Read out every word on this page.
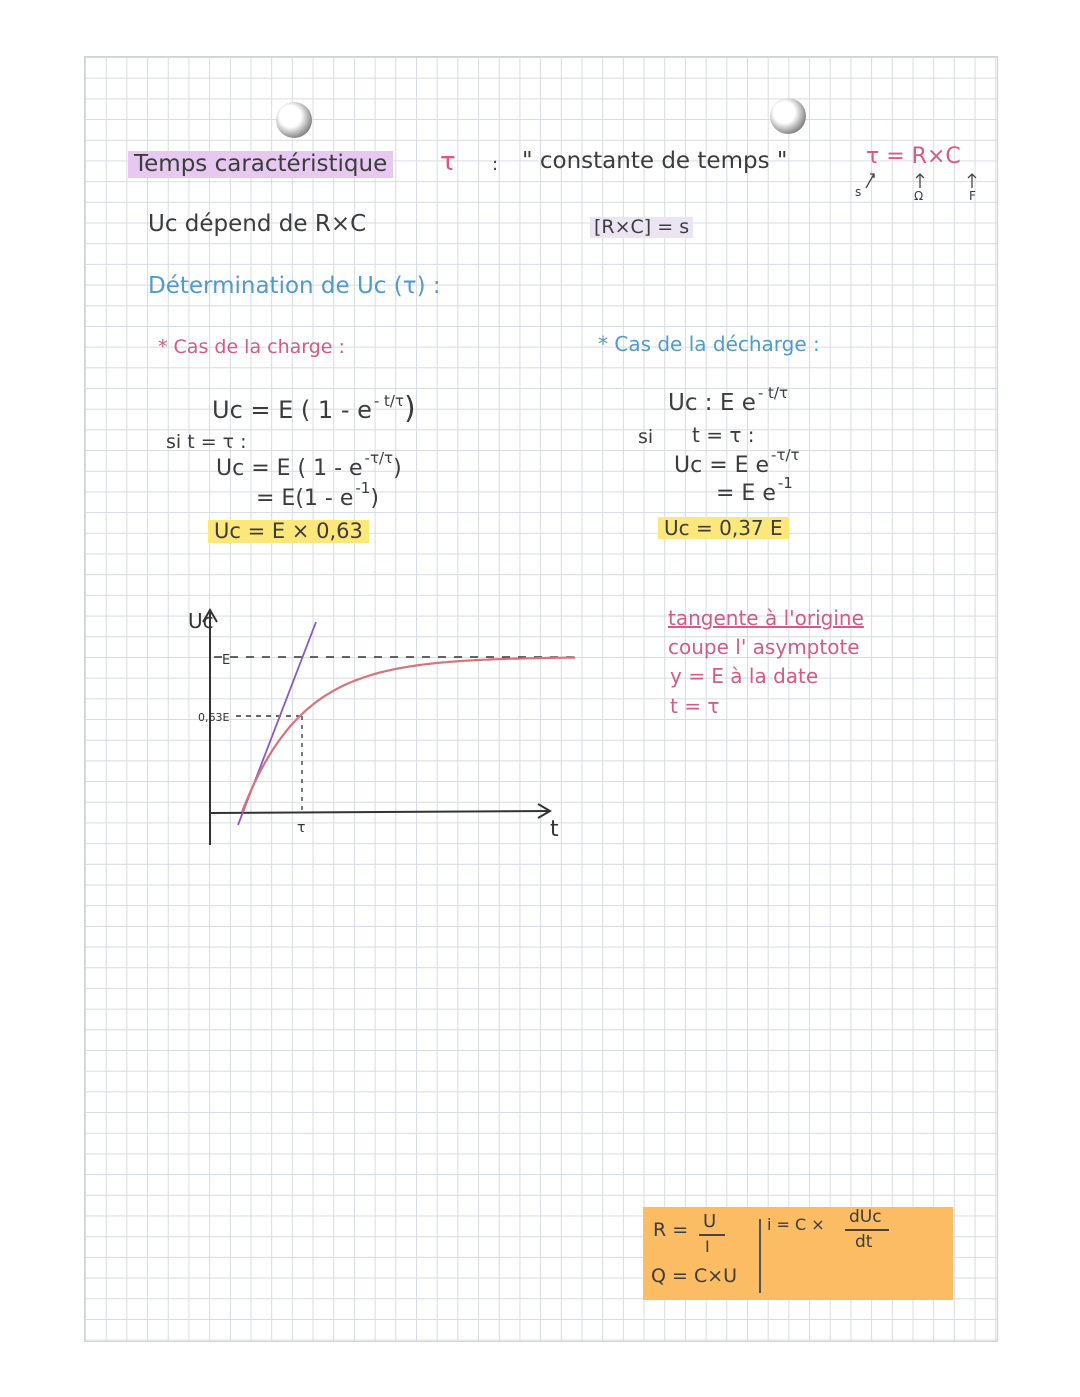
Temps caractéristique τ : " constante de temps "	τ = R×C
s	Ω	F
Uc dépend de R×C	[R×C] = s
Détermination de Uc (τ) :
* Cas de la charge :
Uc = E ( 1 - e $^{- t/\tau}$)
si t = τ :
Uc = E ( 1 - e $^{-\tau/\tau}$)
= E(1 - e $^{-1}$)
Uc = E × 0,63
* Cas de la décharge :
Uc : E e $^{- t/\tau}$
si t = τ :
Uc = E e $^{-\tau/\tau}$
= E e $^{-1}$
Uc = 0,37 E
Uc
E
0,63E
τ	t
tangente à l'origine
coupe l' asymptote
y = E à la date
t = τ
R = U
I
Q = C×U
i = C × dUc
dt
